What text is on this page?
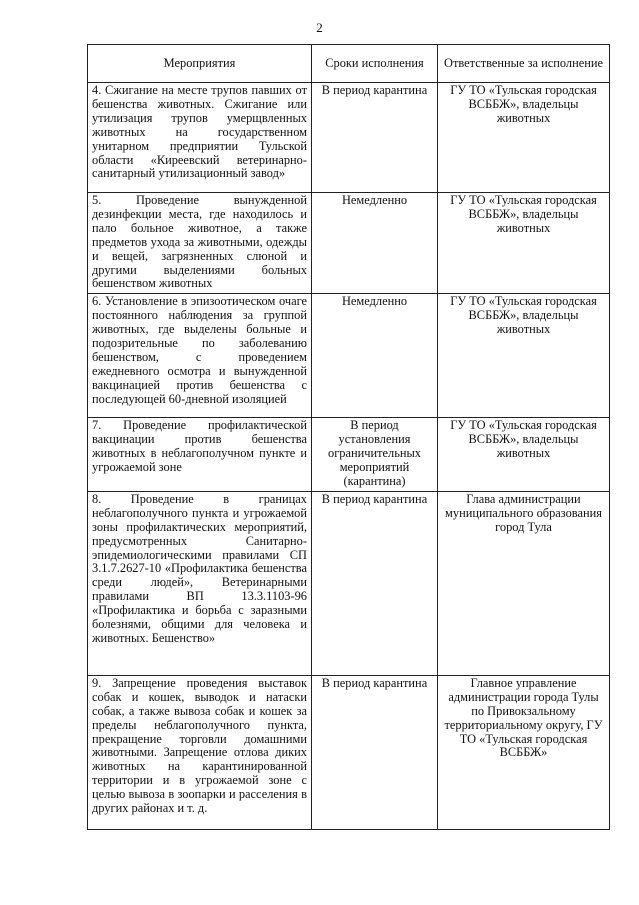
2
Мероприятия	Сроки исполнения	Ответственные за исполнение
4. Сжигание на месте трупов павших от бешенства животных. Сжигание или утилизация трупов умерщвленных животных на государственном унитарном предприятии Тульской области «Киреевский ветеринарно-санитарный утилизационный завод»	В период карантина	ГУ ТО «Тульская городская ВСББЖ», владельцы животных
5. Проведение вынужденной дезинфекции места, где находилось и пало больное животное, а также предметов ухода за животными, одежды и вещей, загрязненных слюной и другими выделениями больных бешенством животных	Немедленно	ГУ ТО «Тульская городская ВСББЖ», владельцы животных
6. Установление в эпизоотическом очаге постоянного наблюдения за группой животных, где выделены больные и подозрительные по заболеванию бешенством, с проведением ежедневного осмотра и вынужденной вакцинацией против бешенства с последующей 60-дневной изоляцией	Немедленно	ГУ ТО «Тульская городская ВСББЖ», владельцы животных
7. Проведение профилактической вакцинации против бешенства животных в неблагополучном пункте и угрожаемой зоне	В период установления ограничительных мероприятий (карантина)	ГУ ТО «Тульская городская ВСББЖ», владельцы животных
8. Проведение в границах неблагополучного пункта и угрожаемой зоны профилактических мероприятий, предусмотренных Санитарно-эпидемиологическими правилами СП 3.1.7.2627-10 «Профилактика бешенства среди людей», Ветеринарными правилами ВП 13.3.1103-96 «Профилактика и борьба с заразными болезнями, общими для человека и животных. Бешенство»	В период карантина	Глава администрации муниципального образования город Тула
9. Запрещение проведения выставок собак и кошек, выводок и натаски собак, а также вывоза собак и кошек за пределы неблагополучного пункта, прекращение торговли домашними животными. Запрещение отлова диких животных на карантинированной территории и в угрожаемой зоне с целью вывоза в зоопарки и расселения в других районах и т. д.	В период карантина	Главное управление администрации города Тулы по Привокзальному территориальному округу, ГУ ТО «Тульская городская ВСББЖ»
